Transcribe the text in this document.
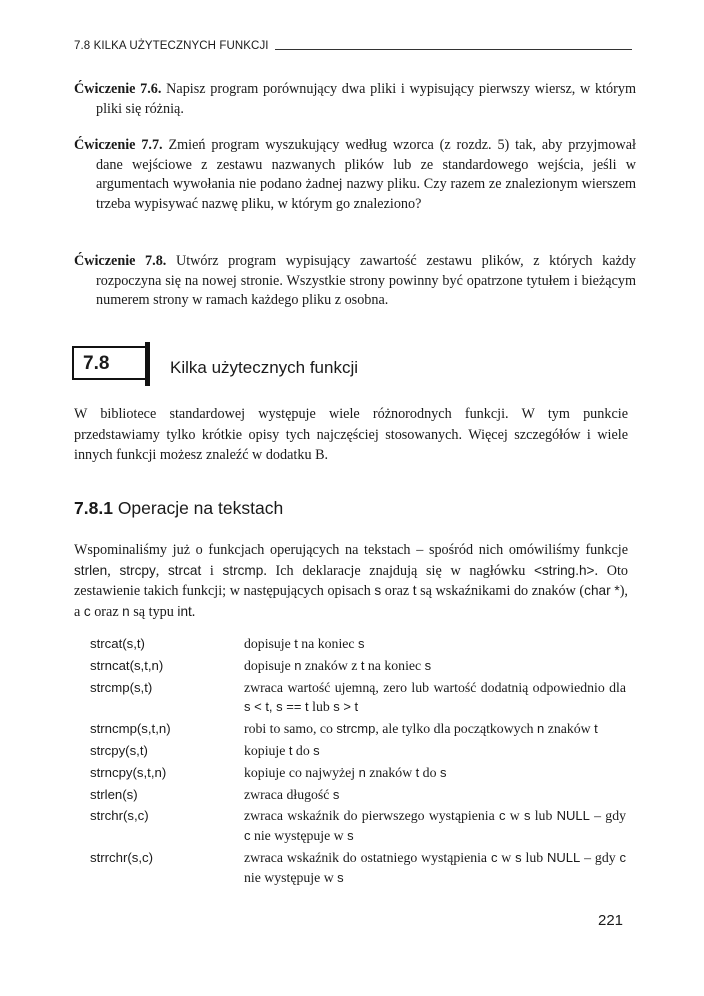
7.8 KILKA UŻYTECZNYCH FUNKCJI
Ćwiczenie 7.6. Napisz program porównujący dwa pliki i wypisujący pierwszy wiersz, w którym pliki się różnią.
Ćwiczenie 7.7. Zmień program wyszukujący według wzorca (z rozdz. 5) tak, aby przyjmował dane wejściowe z zestawu nazwanych plików lub ze standardowego wejścia, jeśli w argumentach wywołania nie podano żadnej nazwy pliku. Czy razem ze znalezionym wierszem trzeba wypisywać nazwę pliku, w którym go znaleziono?
Ćwiczenie 7.8. Utwórz program wypisujący zawartość zestawu plików, z których każdy rozpoczyna się na nowej stronie. Wszystkie strony powinny być opatrzone tytułem i bieżącym numerem strony w ramach każdego pliku z osobna.
7.8	Kilka użytecznych funkcji
W bibliotece standardowej występuje wiele różnorodnych funkcji. W tym punkcie przedstawiamy tylko krótkie opisy tych najczęściej stosowanych. Więcej szczegółów i wiele innych funkcji możesz znaleźć w dodatku B.
7.8.1 Operacje na tekstach
Wspominaliśmy już o funkcjach operujących na tekstach – spośród nich omówiliśmy funkcje strlen, strcpy, strcat i strcmp. Ich deklaracje znajdują się w nagłówku <string.h>. Oto zestawienie takich funkcji; w następujących opisach s oraz t są wskaźnikami do znaków (char *), a c oraz n są typu int.
strcat(s,t)	dopisuje t na koniec s
strncat(s,t,n)	dopisuje n znaków z t na koniec s
strcmp(s,t)	zwraca wartość ujemną, zero lub wartość dodatnią odpowiednio dla s < t, s == t lub s > t
strncmp(s,t,n)	robi to samo, co strcmp, ale tylko dla początkowych n znaków t
strcpy(s,t)	kopiuje t do s
strncpy(s,t,n)	kopiuje co najwyżej n znaków t do s
strlen(s)	zwraca długość s
strchr(s,c)	zwraca wskaźnik do pierwszego wystąpienia c w s lub NULL – gdy c nie występuje w s
strrchr(s,c)	zwraca wskaźnik do ostatniego wystąpienia c w s lub NULL – gdy c nie występuje w s
221
